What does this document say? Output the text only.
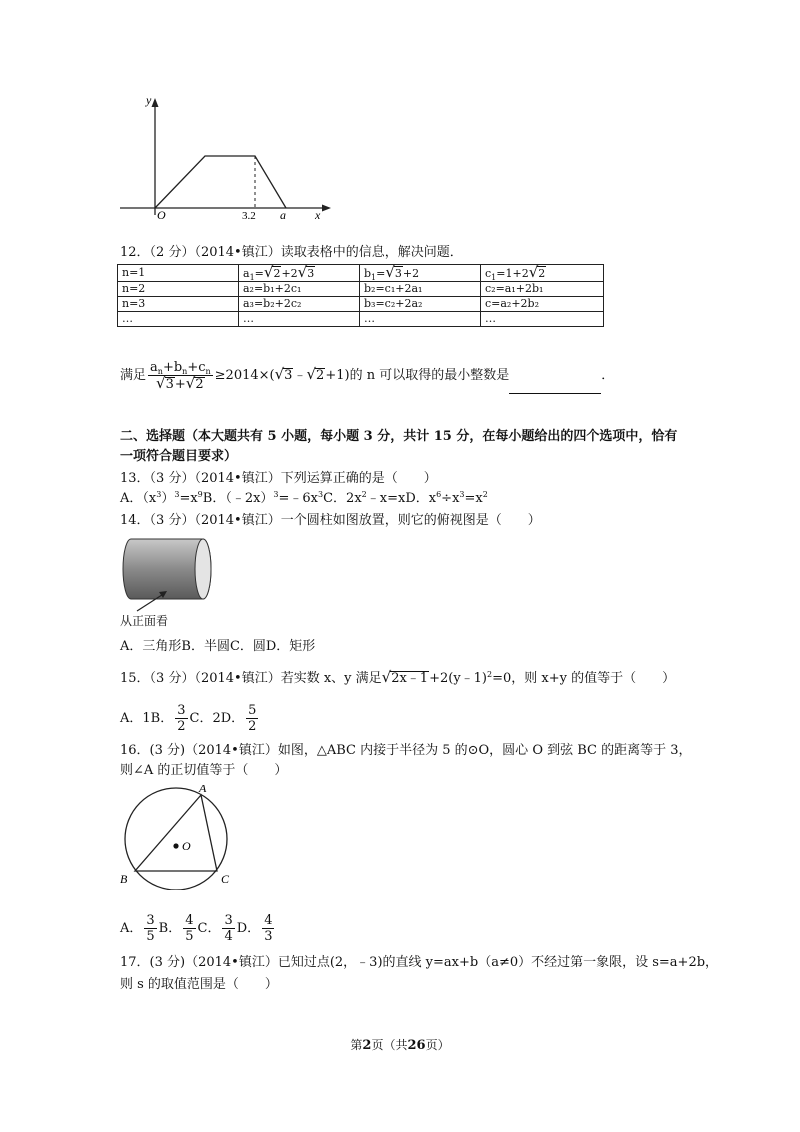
y
O	3.2 a x
12．（2 分）（2014•镇江）读取表格中的信息，解决问题．
n=1	$a_1=√2+2√3$	$b_1=√3+2$	$c_1=1+2√2$
n=2	a₂=b₁+2c₁	b₂=c₁+2a₁	c₂=a₁+2b₁
n=3	a₃=b₂+2c₂	b₃=c₂+2a₂	c=a₂+2b₂
…	…	…	…
满足 $\frac{a_n+b_n+c_n}{√3+√2}$ ≥2014×(√3﹣√2+1)的 n 可以取得的最小整数是	．
二、选择题（本大题共有 5 小题，每小题 3 分，共计 15 分，在每小题给出的四个选项中，恰有
一项符合题目要求）
13．（3 分）（2014•镇江）下列运算正确的是（　　）
A．$(x^3)^3=x^9B$．$(﹣2x)^3=﹣6x^3C$．$2x^2﹣x=xD$．$x^6\div x^3=x^2$
14．（3 分）（2014•镇江）一个圆柱如图放置，则它的俯视图是（　　）
从正面看
A．三角形B．半圆C．圆D．矩形
15．（3 分）（2014•镇江）若实数 x、y 满足√2x﹣1+2(y﹣1)$^2$=0，则 x+y 的值等于（　　）
A．1B． $\frac{3}{2}$ C．2D． $\frac{5}{2}$
16．(3 分)（2014•镇江）如图，△ABC 内接于半径为 5 的⊙O，圆心 O 到弦 BC 的距离等于 3，
则∠A 的正切值等于（　　）
A
O
B	C
A． $\frac{3}{5}$ B． $\frac{4}{5}$ C． $\frac{3}{4}$ D． $\frac{4}{3}$
17．(3 分)（2014•镇江）已知过点(2，﹣3)的直线 y=ax+b（a≠0）不经过第一象限，设 s=a+2b，
则 s 的取值范围是（　　）
第2页（共26页）
